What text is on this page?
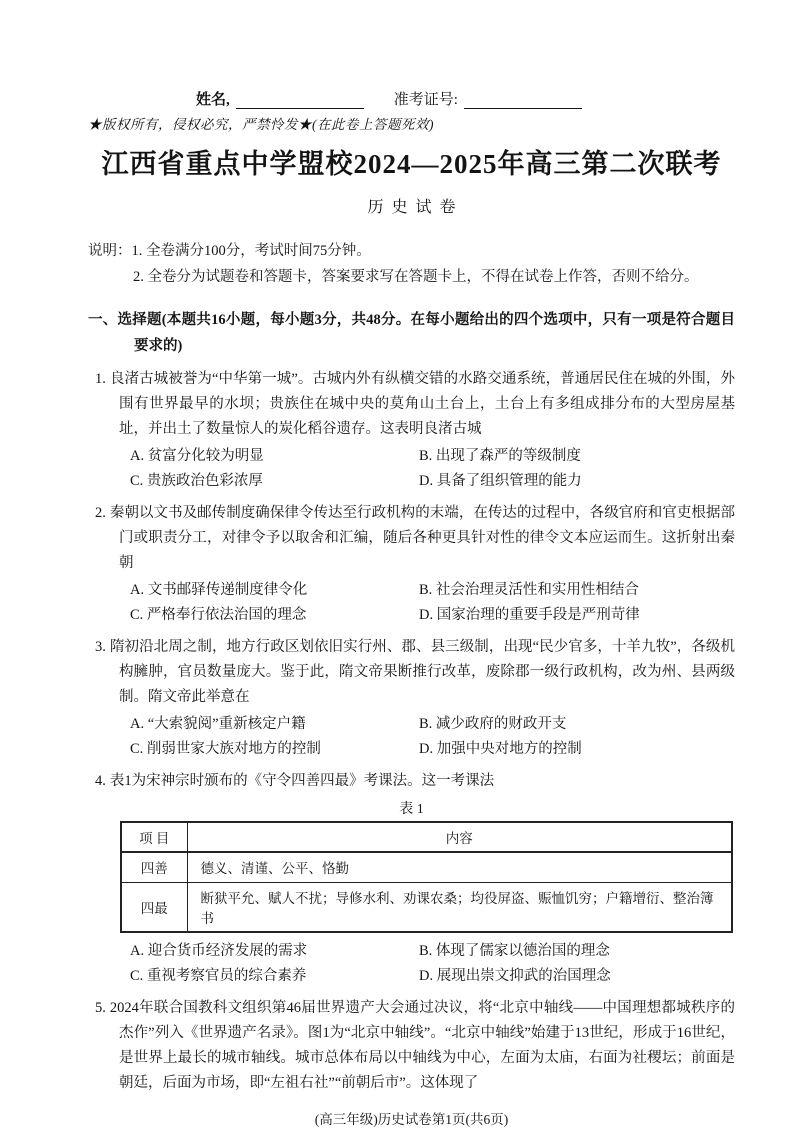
姓名,	准考证号:
★版权所有，侵权必究，严禁怜发★(在此卷上答题死效)
江西省重点中学盟校2024—2025年高三第二次联考
历  史  试  卷
说明：1. 全卷满分100分，考试时间75分钟。
2. 全卷分为试题卷和答题卡，答案要求写在答题卡上，不得在试卷上作答，否则不给分。
一、选择题(本题共16小题，每小题3分，共48分。在每小题给出的四个选项中，只有一项是符合题目要求的)

1. 良渚古城被誉为“中华第一城”。古城内外有纵横交错的水路交通系统，普通居民住在城的外围，外围有世界最早的水坝；贵族住在城中央的莫角山土台上，土台上有多组成排分布的大型房屋基址，并出土了数量惊人的炭化稻谷遗存。这表明良渚古城

A. 贫富分化较为明显	B. 出现了森严的等级制度
C. 贵族政治色彩浓厚	D. 具备了组织管理的能力

2. 秦朝以文书及邮传制度确保律令传达至行政机构的末端，在传达的过程中，各级官府和官吏根据部门或职责分工，对律令予以取舍和汇编，随后各种更具针对性的律令文本应运而生。这折射出秦朝

A. 文书邮驿传递制度律令化	B. 社会治理灵活性和实用性相结合
C. 严格奉行依法治国的理念	D. 国家治理的重要手段是严刑苛律

3. 隋初沿北周之制，地方行政区划依旧实行州、郡、县三级制，出现“民少官多，十羊九牧”，各级机构臃肿，官员数量庞大。鉴于此，隋文帝果断推行改革，废除郡一级行政机构，改为州、县两级制。隋文帝此举意在

A. “大索貌阅”重新核定户籍	B. 减少政府的财政开支
C. 削弱世家大族对地方的控制	D. 加强中央对地方的控制

4. 表1为宋神宗时颁布的《守令四善四最》考课法。这一考课法

表 1
项 目	内容
四善	德义、清谨、公平、恪勤
四最	断狱平允、赋人不扰；导修水利、劝课农桑；均役屏盗、赈恤饥穷；户籍增衍、整治簿书
A. 迎合货币经济发展的需求	B. 体现了儒家以德治国的理念
C. 重视考察官员的综合素养	D. 展现出崇文抑武的治国理念

5. 2024年联合国教科文组织第46届世界遗产大会通过决议，将“北京中轴线——中国理想都城秩序的杰作”列入《世界遗产名录》。图1为“北京中轴线”。“北京中轴线”始建于13世纪，形成于16世纪，是世界上最长的城市轴线。城市总体布局以中轴线为中心，左面为太庙，右面为社稷坛；前面是朝廷，后面为市场，即“左祖右社”“前朝后市”。这体现了

(高三年级)历史试卷第1页(共6页)
